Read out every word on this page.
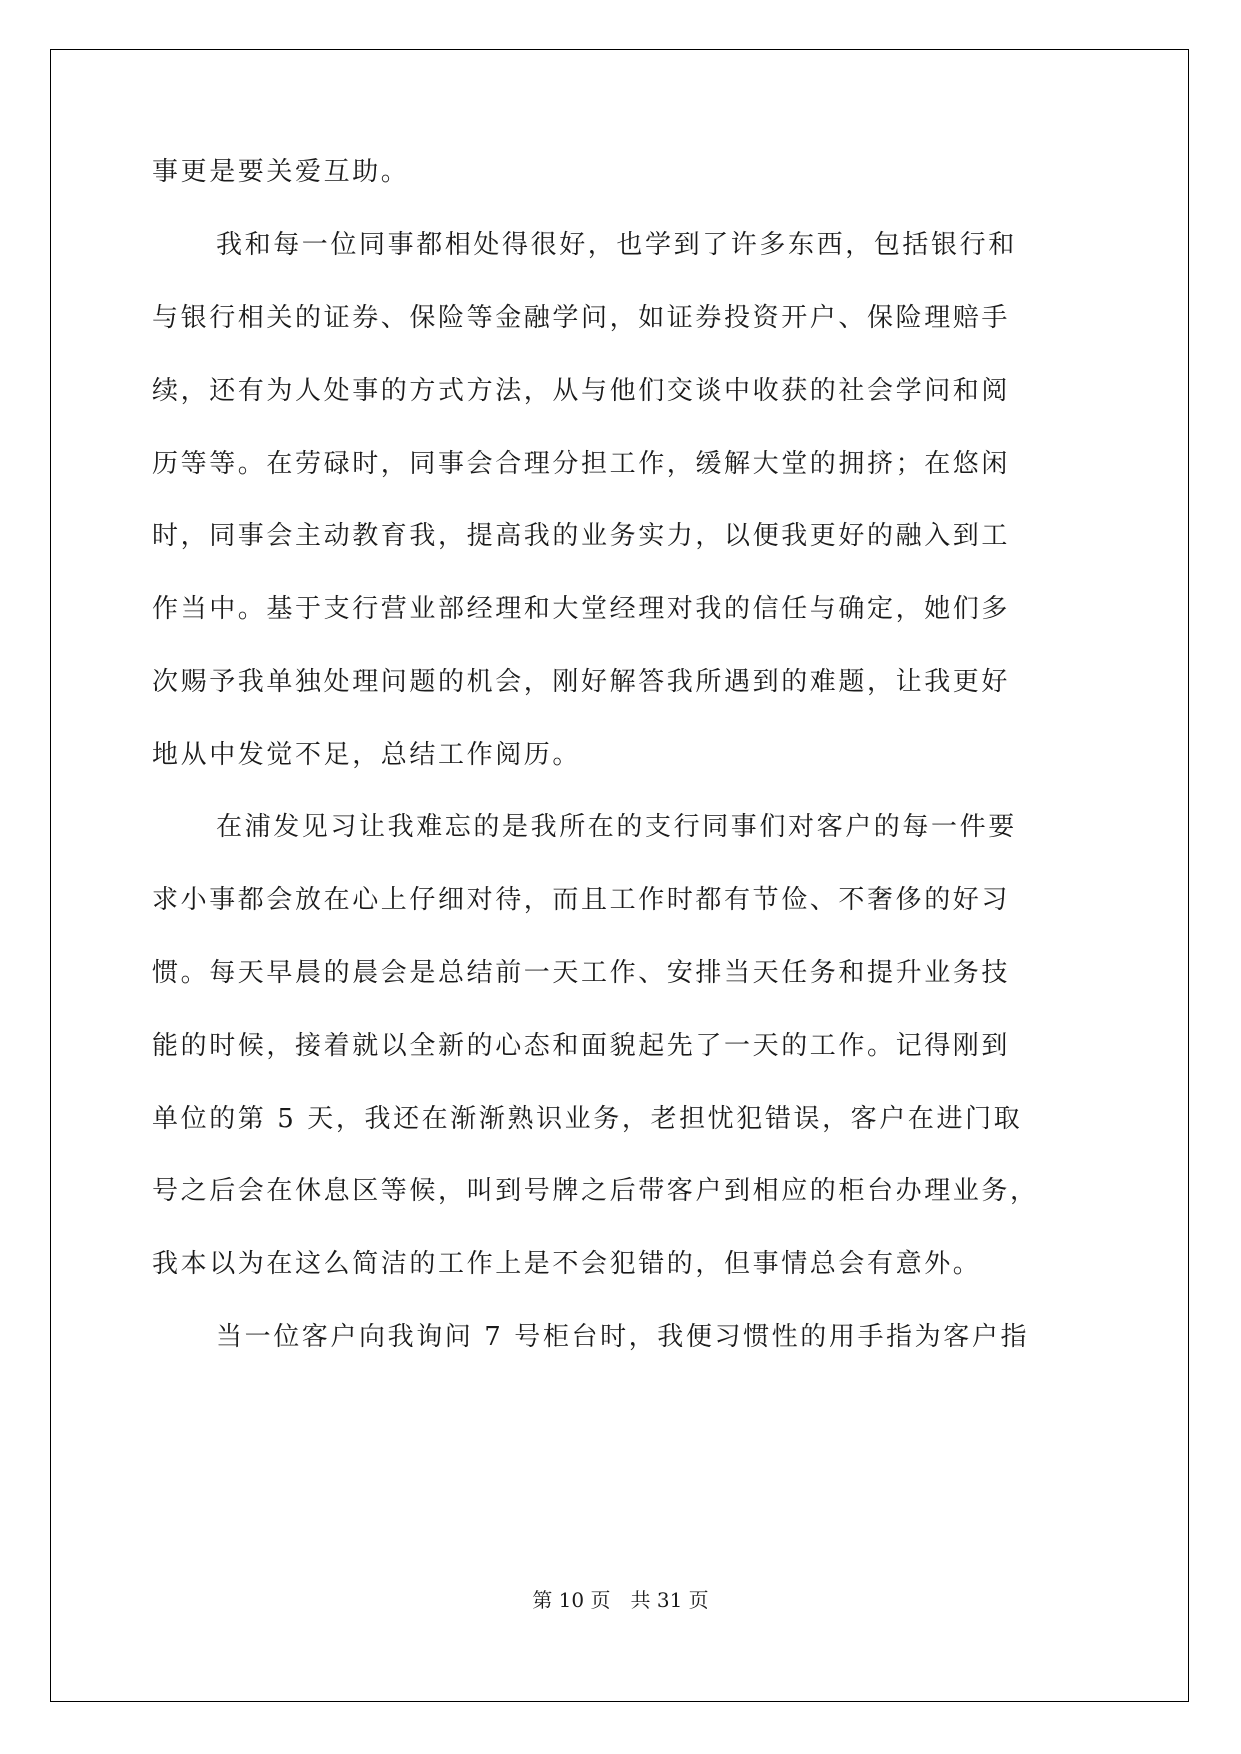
事更是要关爱互助。

我和每一位同事都相处得很好，也学到了许多东西，包括银行和

与银行相关的证券、保险等金融学问，如证券投资开户、保险理赔手

续，还有为人处事的方式方法，从与他们交谈中收获的社会学问和阅

历等等。在劳碌时，同事会合理分担工作，缓解大堂的拥挤；在悠闲

时，同事会主动教育我，提高我的业务实力，以便我更好的融入到工

作当中。基于支行营业部经理和大堂经理对我的信任与确定，她们多

次赐予我单独处理问题的机会，刚好解答我所遇到的难题，让我更好

地从中发觉不足，总结工作阅历。

在浦发见习让我难忘的是我所在的支行同事们对客户的每一件要

求小事都会放在心上仔细对待，而且工作时都有节俭、不奢侈的好习

惯。每天早晨的晨会是总结前一天工作、安排当天任务和提升业务技

能的时候，接着就以全新的心态和面貌起先了一天的工作。记得刚到

单位的第 5 天，我还在渐渐熟识业务，老担忧犯错误，客户在进门取

号之后会在休息区等候，叫到号牌之后带客户到相应的柜台办理业务，

我本以为在这么简洁的工作上是不会犯错的，但事情总会有意外。

当一位客户向我询问 7 号柜台时，我便习惯性的用手指为客户指

第 10 页　共 31 页
